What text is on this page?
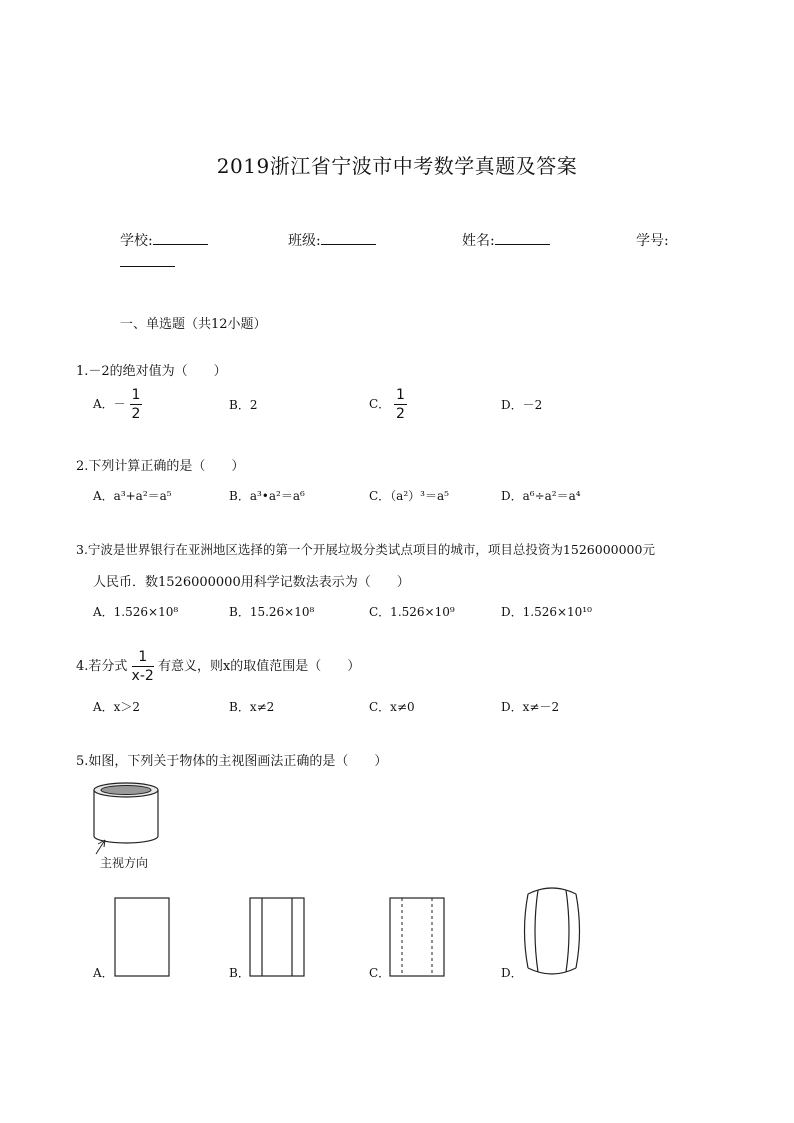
2019浙江省宁波市中考数学真题及答案
学校:	班级:	姓名:	学号:
一、单选题（共12小题）
1.－2的绝对值为（　　）
A．－ $\frac{1}{2}$	B．2	C． $\frac{1}{2}$	D．－2
2.下列计算正确的是（　　）
A．a³+a²＝a⁵	B．a³•a²＝a⁶	C．（a²）³＝a⁵	D．a⁶÷a²＝a⁴
3.宁波是世界银行在亚洲地区选择的第一个开展垃圾分类试点项目的城市，项目总投资为1526000000元
人民币．数1526000000用科学记数法表示为（　　）
A．1.526×10⁸	B．15.26×10⁸	C．1.526×10⁹	D．1.526×10¹⁰
4.若分式 $\frac{1}{x-2}$ 有意义，则x的取值范围是（　　）
A．x＞2	B．x≠2	C．x≠0	D．x≠－2
5.如图，下列关于物体的主视图画法正确的是（　　）
主视方向
A．	B．	C．	D．
